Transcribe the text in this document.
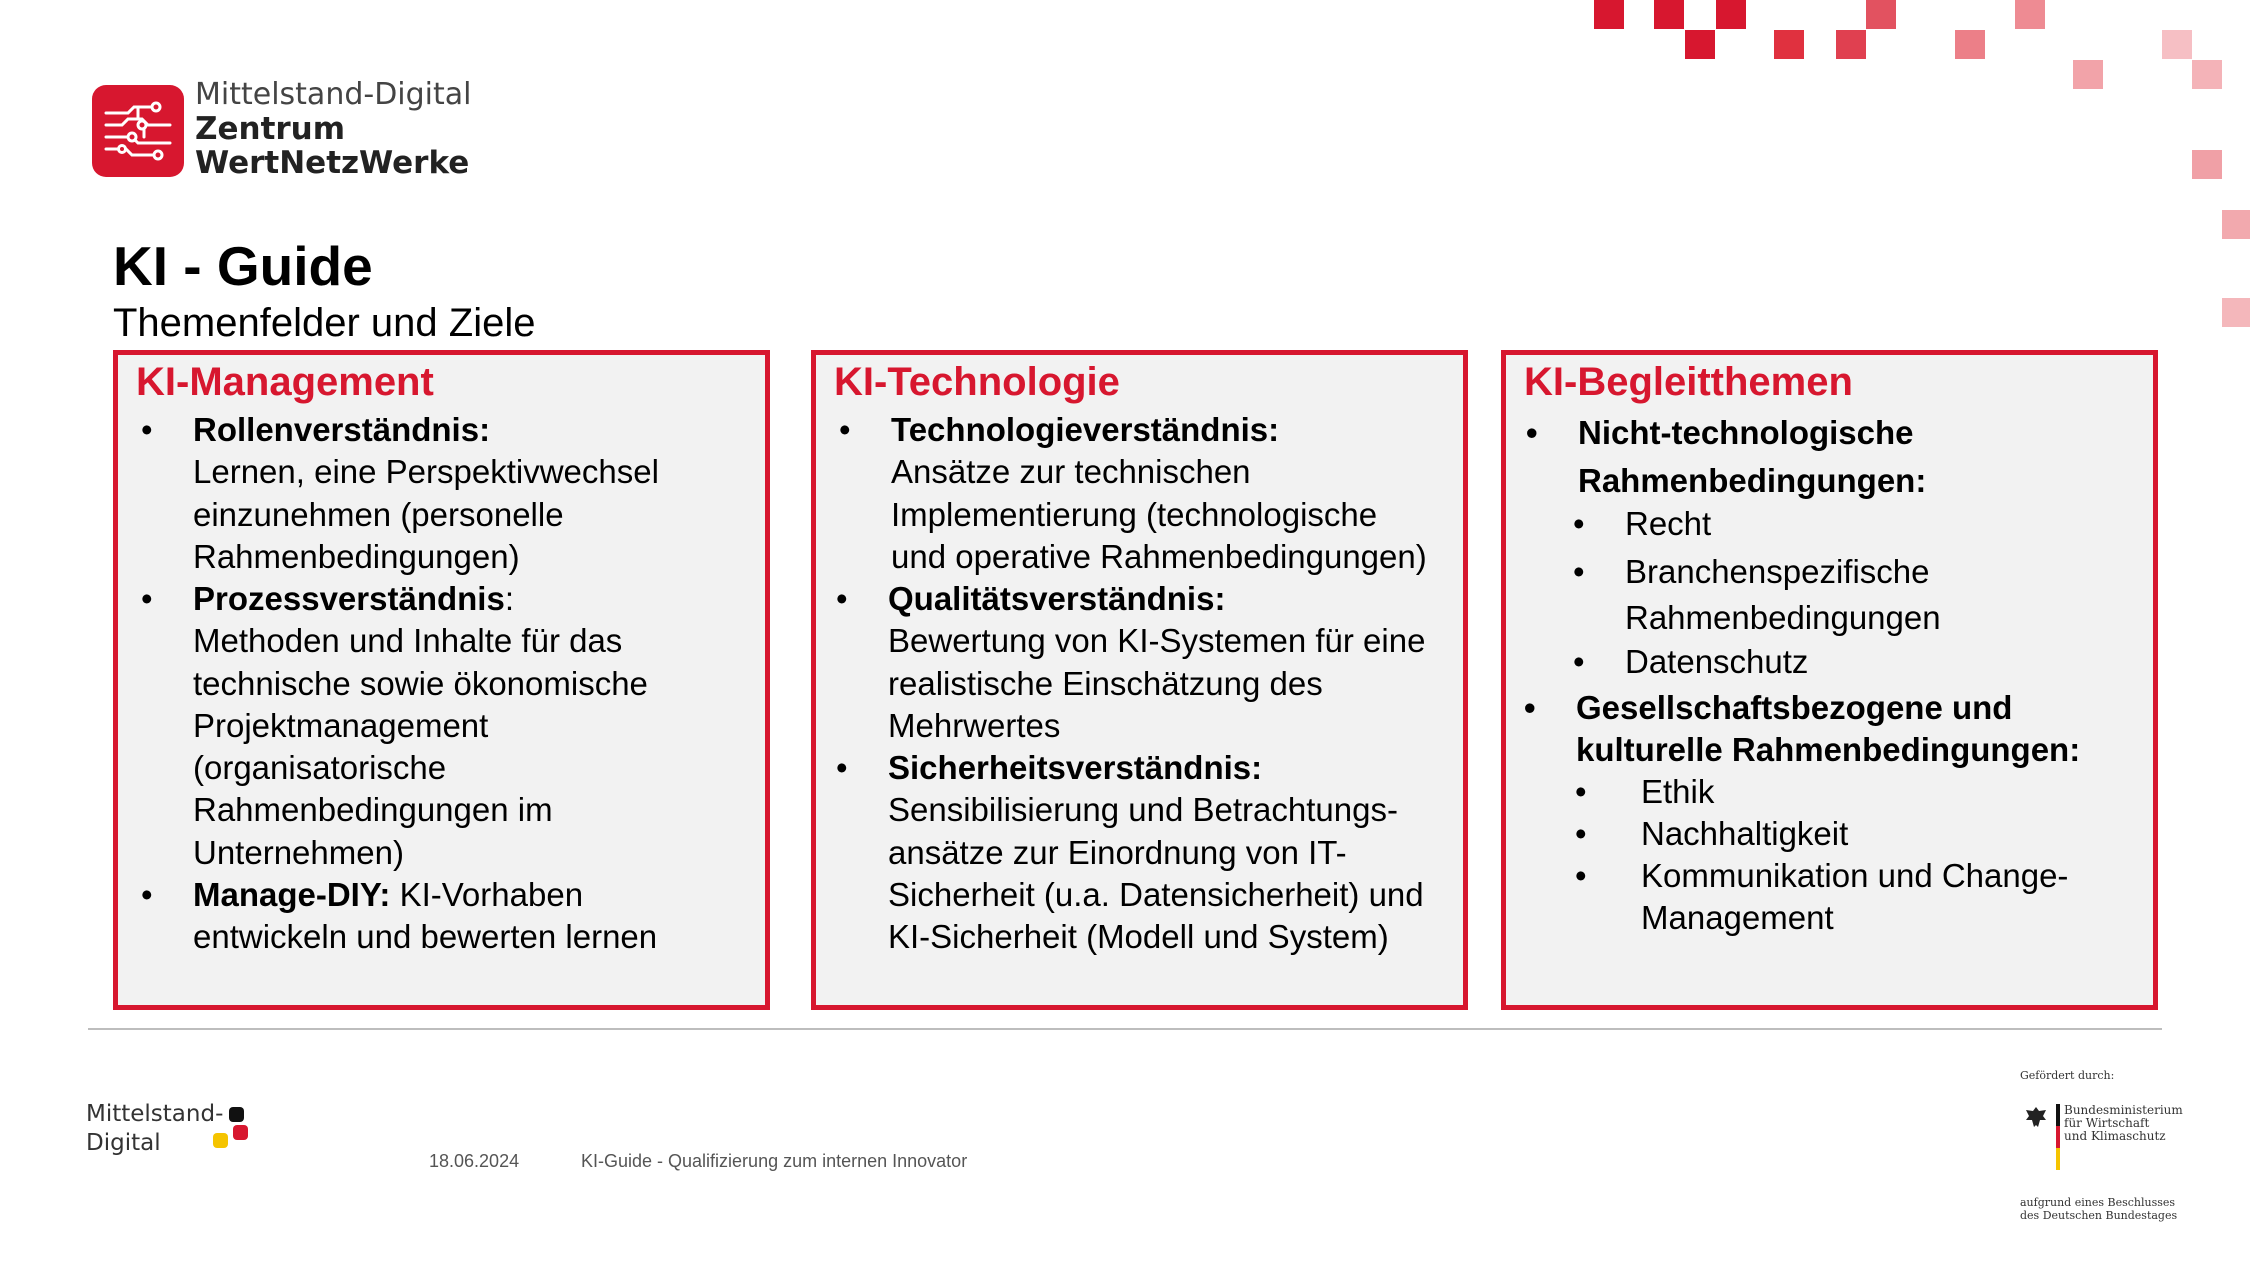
Mittelstand-Digital
Zentrum
WertNetzWerke
KI - Guide
Themenfelder und Ziele
KI-Management
• Rollenverständnis:
Lernen, eine Perspektivwechsel
einzunehmen (personelle
Rahmenbedingungen)
• Prozessverständnis:
Methoden und Inhalte für das
technische sowie ökonomische
Projektmanagement
(organisatorische
Rahmenbedingungen im
Unternehmen)
• Manage-DIY: KI-Vorhaben
entwickeln und bewerten lernen
KI-Technologie
• Technologieverständnis:
Ansätze zur technischen
Implementierung (technologische
und operative Rahmenbedingungen)
• Qualitätsverständnis:
Bewertung von KI-Systemen für eine
realistische Einschätzung des
Mehrwertes
• Sicherheitsverständnis:
Sensibilisierung und Betrachtungs-
ansätze zur Einordnung von IT-
Sicherheit (u.a. Datensicherheit) und
KI-Sicherheit (Modell und System)
KI-Begleitthemen
• Nicht-technologische
Rahmenbedingungen:
• Recht
• Branchenspezifische
Rahmenbedingungen
• Datenschutz
• Gesellschaftsbezogene und
kulturelle Rahmenbedingungen:
• Ethik
• Nachhaltigkeit
• Kommunikation und Change-
Management
Mittelstand-
Digital
18.06.2024	KI-Guide - Qualifizierung zum internen Innovator
Gefördert durch:
Bundesministerium
für Wirtschaft
und Klimaschutz
aufgrund eines Beschlusses
des Deutschen Bundestages
